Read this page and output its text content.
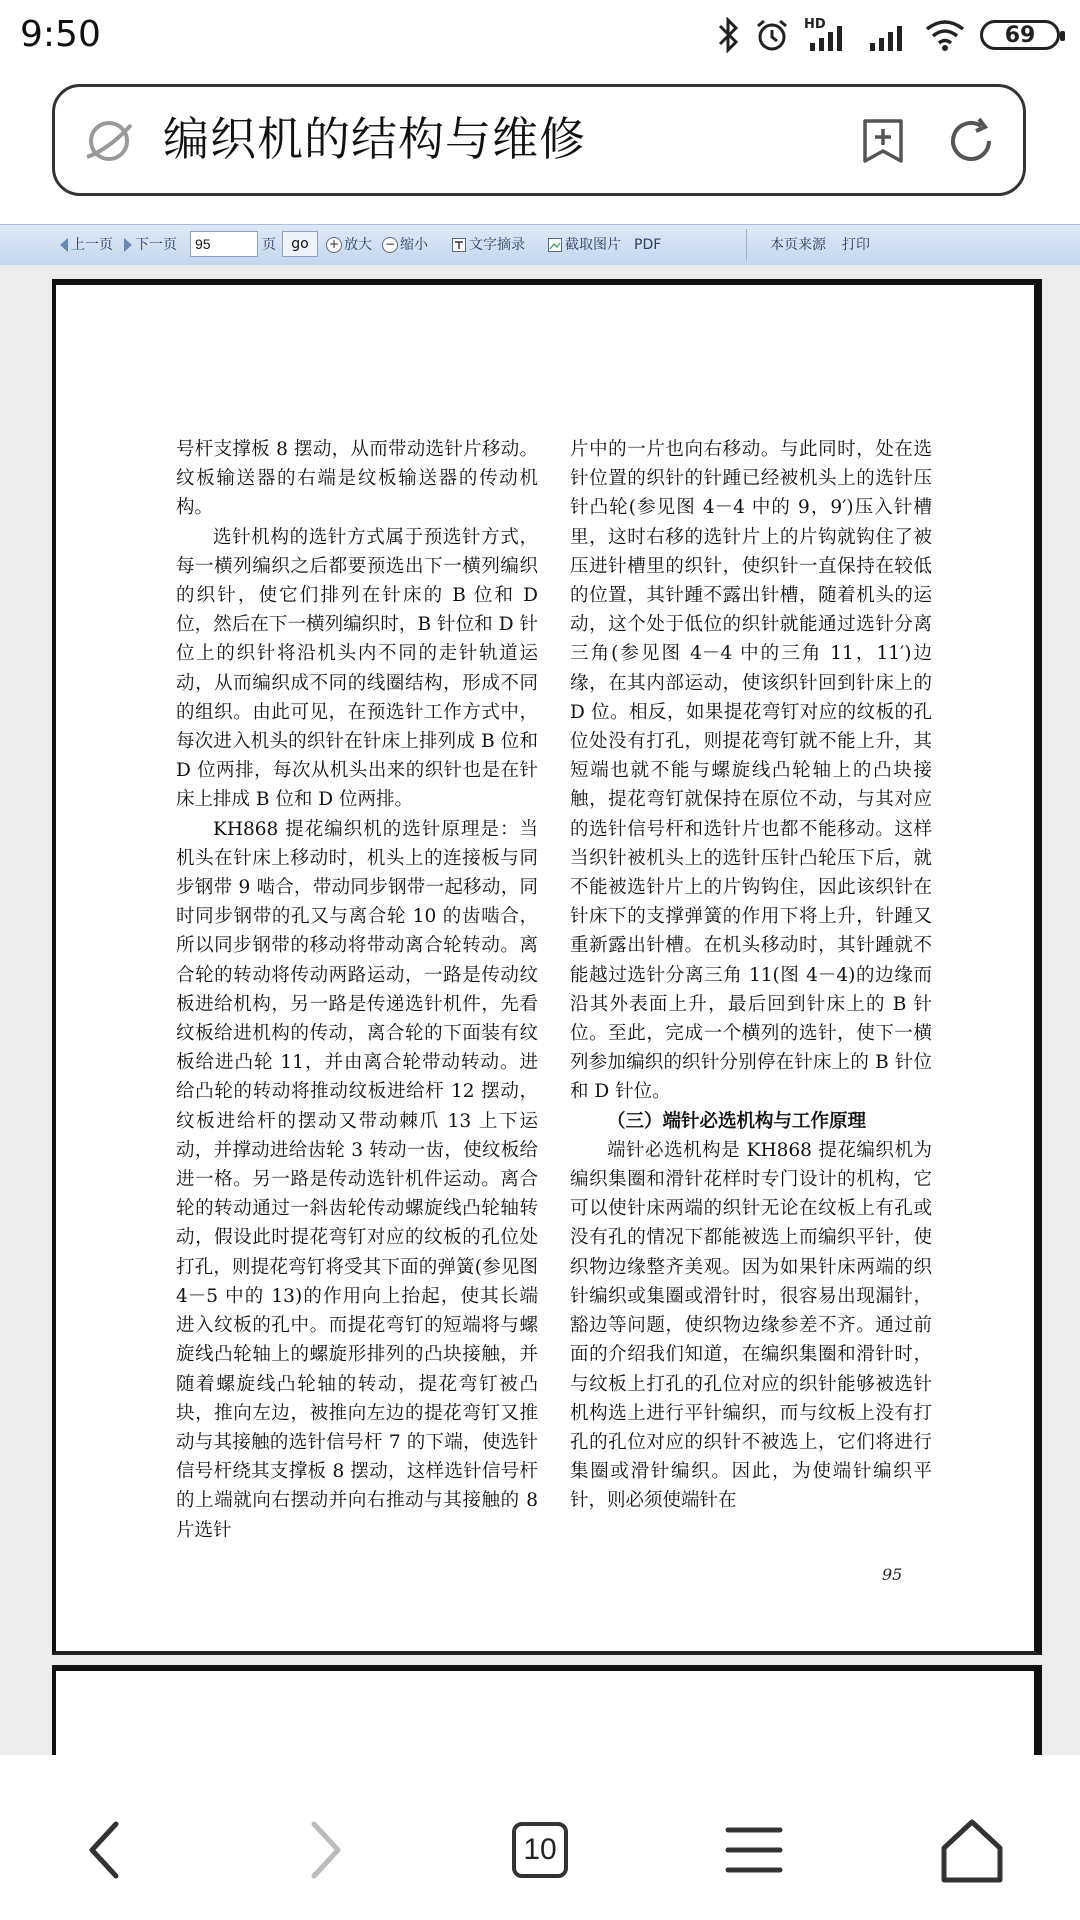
9:50	HD	69
编织机的结构与维修
上一页	下一页	95	页	go	+ 放大 − 缩小	文字摘录	截取图片 PDF	本页来源 打印

号杆支撑板 8 摆动，从而带动选针片移动。纹板输送器的右端是纹板输送器的传动机构。

选针机构的选针方式属于预选针方式，每一横列编织之后都要预选出下一横列编织的织针，使它们排列在针床的 B 位和 D 位，然后在下一横列编织时，B 针位和 D 针位上的织针将沿机头内不同的走针轨道运动，从而编织成不同的线圈结构，形成不同的组织。由此可见，在预选针工作方式中，每次进入机头的织针在针床上排列成 B 位和 D 位两排，每次从机头出来的织针也是在针床上排成 B 位和 D 位两排。

KH868 提花编织机的选针原理是：当机头在针床上移动时，机头上的连接板与同步钢带 9 啮合，带动同步钢带一起移动，同时同步钢带的孔又与离合轮 10 的齿啮合，所以同步钢带的移动将带动离合轮转动。离合轮的转动将传动两路运动，一路是传动纹板进给机构，另一路是传递选针机件，先看纹板给进机构的传动，离合轮的下面装有纹板给进凸轮 11，并由离合轮带动转动。进给凸轮的转动将推动纹板进给杆 12 摆动，纹板进给杆的摆动又带动棘爪 13 上下运动，并撑动进给齿轮 3 转动一齿，使纹板给进一格。另一路是传动选针机件运动。离合轮的转动通过一斜齿轮传动螺旋线凸轮轴转动，假设此时提花弯钉对应的纹板的孔位处打孔，则提花弯钉将受其下面的弹簧(参见图 4－5 中的 13)的作用向上抬起，使其长端进入纹板的孔中。而提花弯钉的短端将与螺旋线凸轮轴上的螺旋形排列的凸块接触，并随着螺旋线凸轮轴的转动，提花弯钉被凸块，推向左边，被推向左边的提花弯钉又推动与其接触的选针信号杆 7 的下端，使选针信号杆绕其支撑板 8 摆动，这样选针信号杆的上端就向右摆动并向右推动与其接触的 8 片选针

片中的一片也向右移动。与此同时，处在选针位置的织针的针踵已经被机头上的选针压针凸轮(参见图 4－4 中的 9，9′)压入针槽里，这时右移的选针片上的片钩就钩住了被压进针槽里的织针，使织针一直保持在较低的位置，其针踵不露出针槽，随着机头的运动，这个处于低位的织针就能通过选针分离三角(参见图 4－4 中的三角 11，11′)边缘，在其内部运动，使该织针回到针床上的 D 位。相反，如果提花弯钉对应的纹板的孔位处没有打孔，则提花弯钉就不能上升，其短端也就不能与螺旋线凸轮轴上的凸块接触，提花弯钉就保持在原位不动，与其对应的选针信号杆和选针片也都不能移动。这样当织针被机头上的选针压针凸轮压下后，就不能被选针片上的片钩钩住，因此该织针在针床下的支撑弹簧的作用下将上升，针踵又重新露出针槽。在机头移动时，其针踵就不能越过选针分离三角 11(图 4－4)的边缘而沿其外表面上升，最后回到针床上的 B 针位。至此，完成一个横列的选针，使下一横列参加编织的织针分别停在针床上的 B 针位和 D 针位。

（三）端针必选机构与工作原理

端针必选机构是 KH868 提花编织机为编织集圈和滑针花样时专门设计的机构，它可以使针床两端的织针无论在纹板上有孔或没有孔的情况下都能被选上而编织平针，使织物边缘整齐美观。因为如果针床两端的织针编织或集圈或滑针时，很容易出现漏针，豁边等问题，使织物边缘参差不齐。通过前面的介绍我们知道，在编织集圈和滑针时，与纹板上打孔的孔位对应的织针能够被选针机构选上进行平针编织，而与纹板上没有打孔的孔位对应的织针不被选上，它们将进行集圈或滑针编织。因此，为使端针编织平针，则必须使端针在

95
10
